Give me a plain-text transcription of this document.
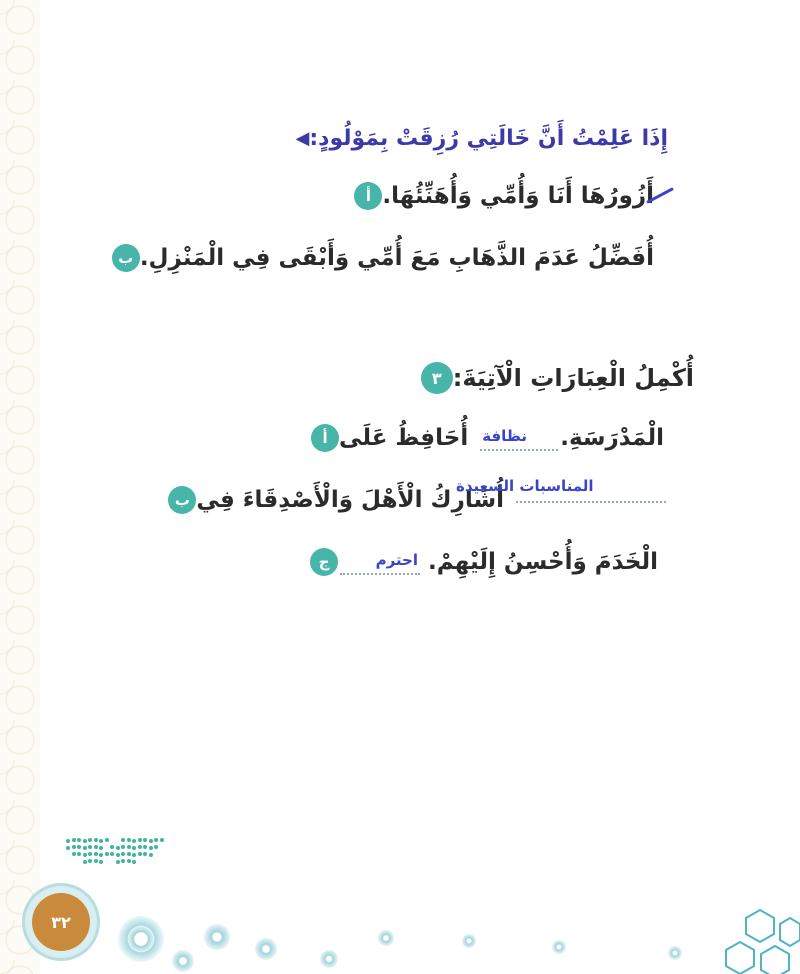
◀ إِذَا عَلِمْتُ أَنَّ خَالَتِي رُزِقَتْ بِمَوْلُودٍ:
أ أَزُورُهَا أَنَا وَأُمِّي وَأُهَنِّئُهَا.
ب أُفَضِّلُ عَدَمَ الذَّهَابِ مَعَ أُمِّي وَأَبْقَى فِي الْمَنْزِلِ.
٣ أُكْمِلُ الْعِبَارَاتِ الْآتِيَةَ:
أ أُحَافِظُ عَلَى نظافة الْمَدْرَسَةِ.
ب أُشَارِكُ الْأَهْلَ وَالْأَصْدِقَاءَ فِي
المناسبات السعيدة
ج	احترم الْخَدَمَ وَأُحْسِنُ إِلَيْهِمْ.
٣٢
